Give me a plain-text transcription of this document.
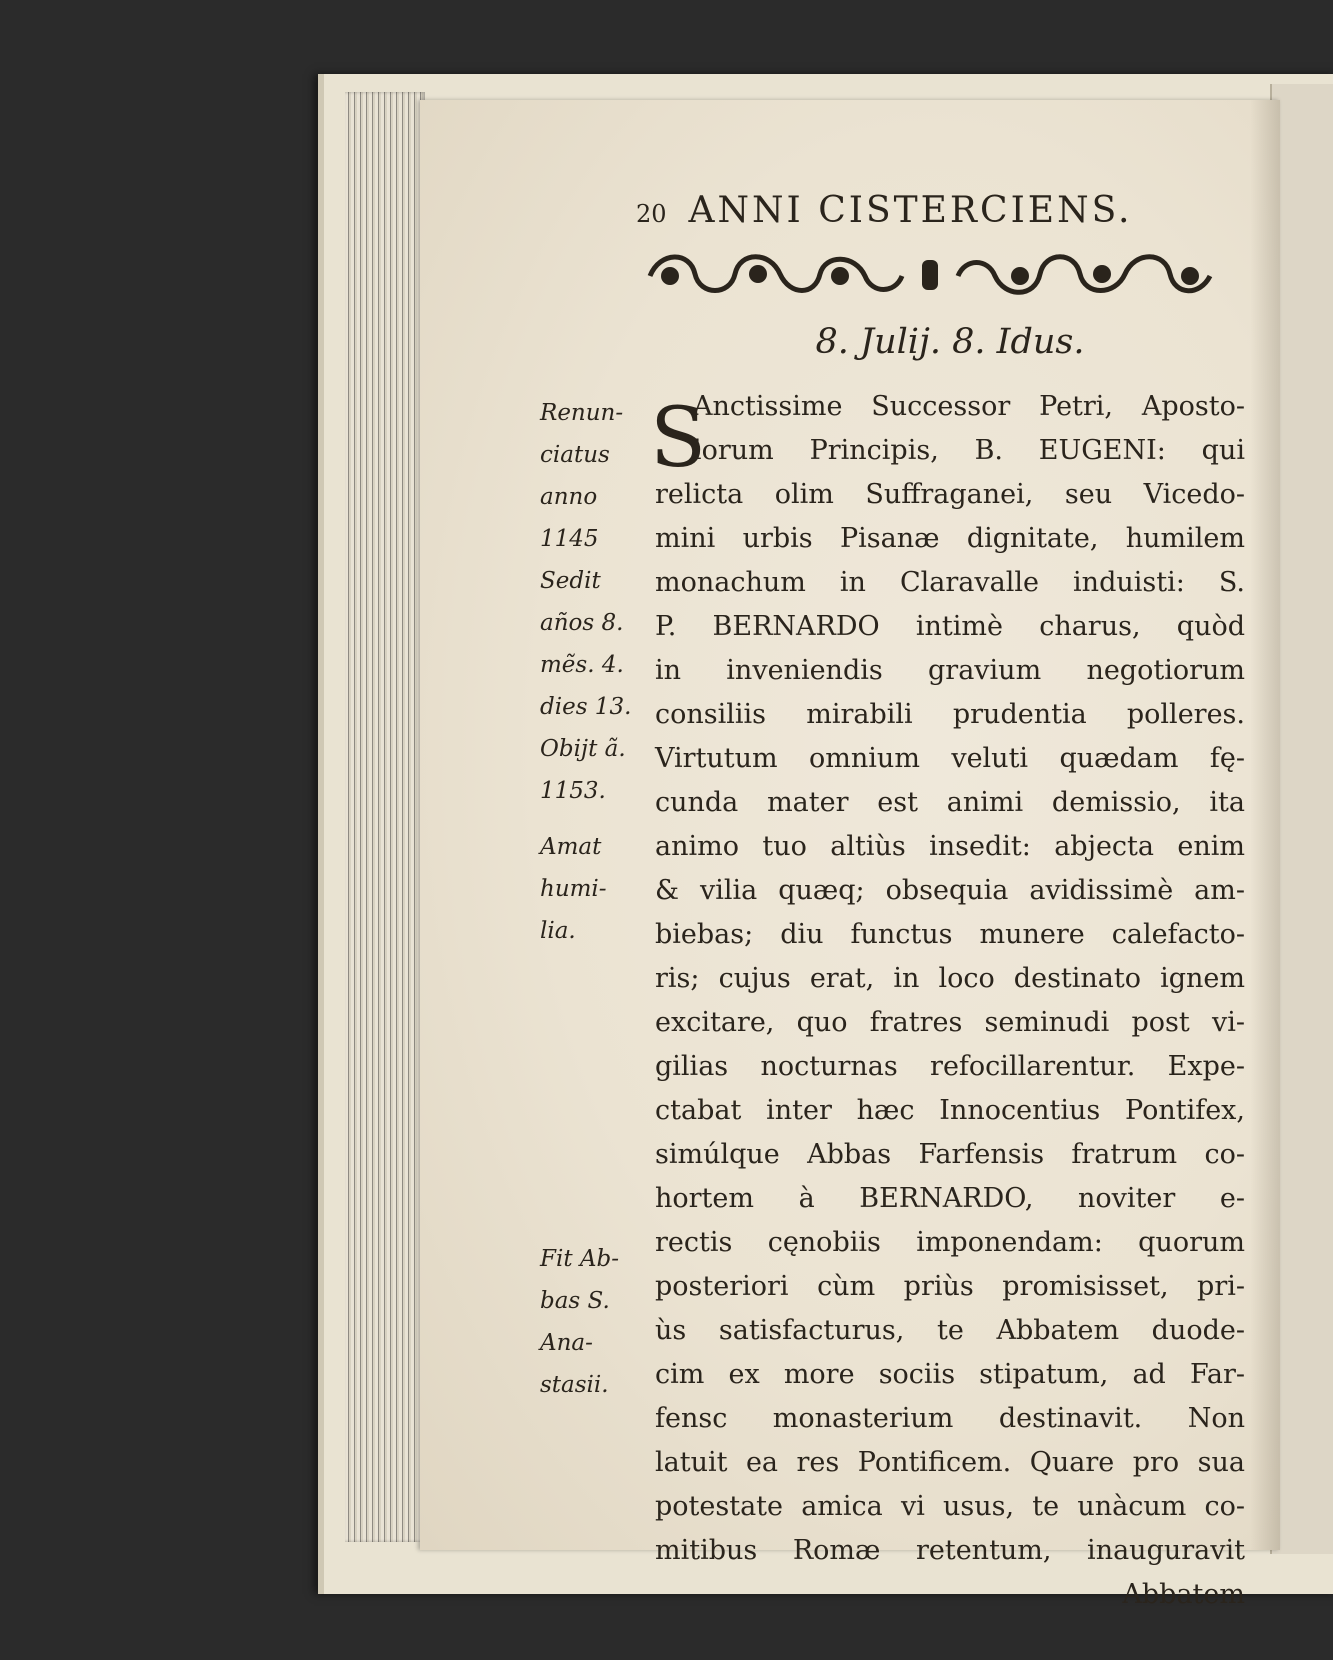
20 ANNI CISTERCIENS.
8. Julij. 8. Idus.
S
Anctissime Successor Petri, Aposto-
lorum Principis, B. EUGENI: qui
relicta olim Suffraganei, seu Vicedo-
mini urbis Pisanæ dignitate, humilem
monachum in Claravalle induisti: S.
P. BERNARDO intimè charus, quòd
in inveniendis gravium negotiorum
consiliis mirabili prudentia polleres.
Virtutum omnium veluti quædam fę-
cunda mater est animi demissio, ita
animo tuo altiùs insedit: abjecta enim
& vilia quæq; obsequia avidissimè am-
biebas; diu functus munere calefacto-
ris; cujus erat, in loco destinato ignem
excitare, quo fratres seminudi post vi-
gilias nocturnas refocillarentur. Expe-
ctabat inter hæc Innocentius Pontifex,
simúlque Abbas Farfensis fratrum co-
hortem à BERNARDO, noviter e-
rectis cęnobiis imponendam: quorum
posteriori cùm priùs promisisset, pri-
ùs satisfacturus, te Abbatem duode-
cim ex more sociis stipatum, ad Far-
fensc monasterium destinavit. Non
latuit ea res Pontificem. Quare pro sua
potestate amica vi usus, te unàcum co-
mitibus Romæ retentum, inauguravit
Abbatem
Renun-
ciatus
anno
1145
Sedit
años 8.
mẽs. 4.
dies 13.
Obijt ã.
1153.
Amat
humi-
lia.
Fit Ab-
bas S.
Ana-
stasii.
